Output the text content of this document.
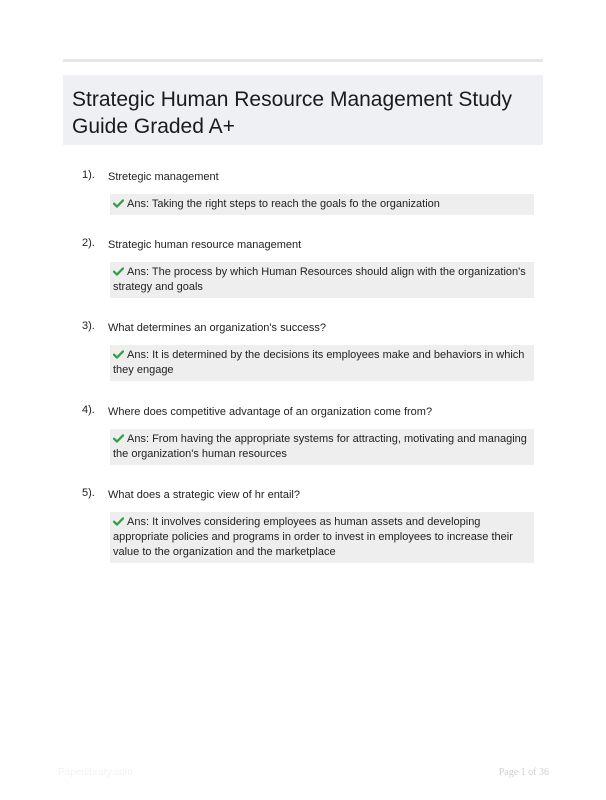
Strategic Human Resource Management Study Guide Graded A+
1). Stretegic management
Ans: Taking the right steps to reach the goals fo the organization
2). Strategic human resource management
Ans: The process by which Human Resources should align with the organization's strategy and goals
3). What determines an organization's success?
Ans: It is determined by the decisions its employees make and behaviors in which they engage
4). Where does competitive advantage of an organization come from?
Ans: From having the appropriate systems for attracting, motivating and managing the organization's human resources
5). What does a strategic view of hr entail?
Ans: It involves considering employees as human assets and developing appropriate policies and programs in order to invest in employees to increase their value to the organization and the marketplace
Paperlibrary.com	Page 1 of 36
